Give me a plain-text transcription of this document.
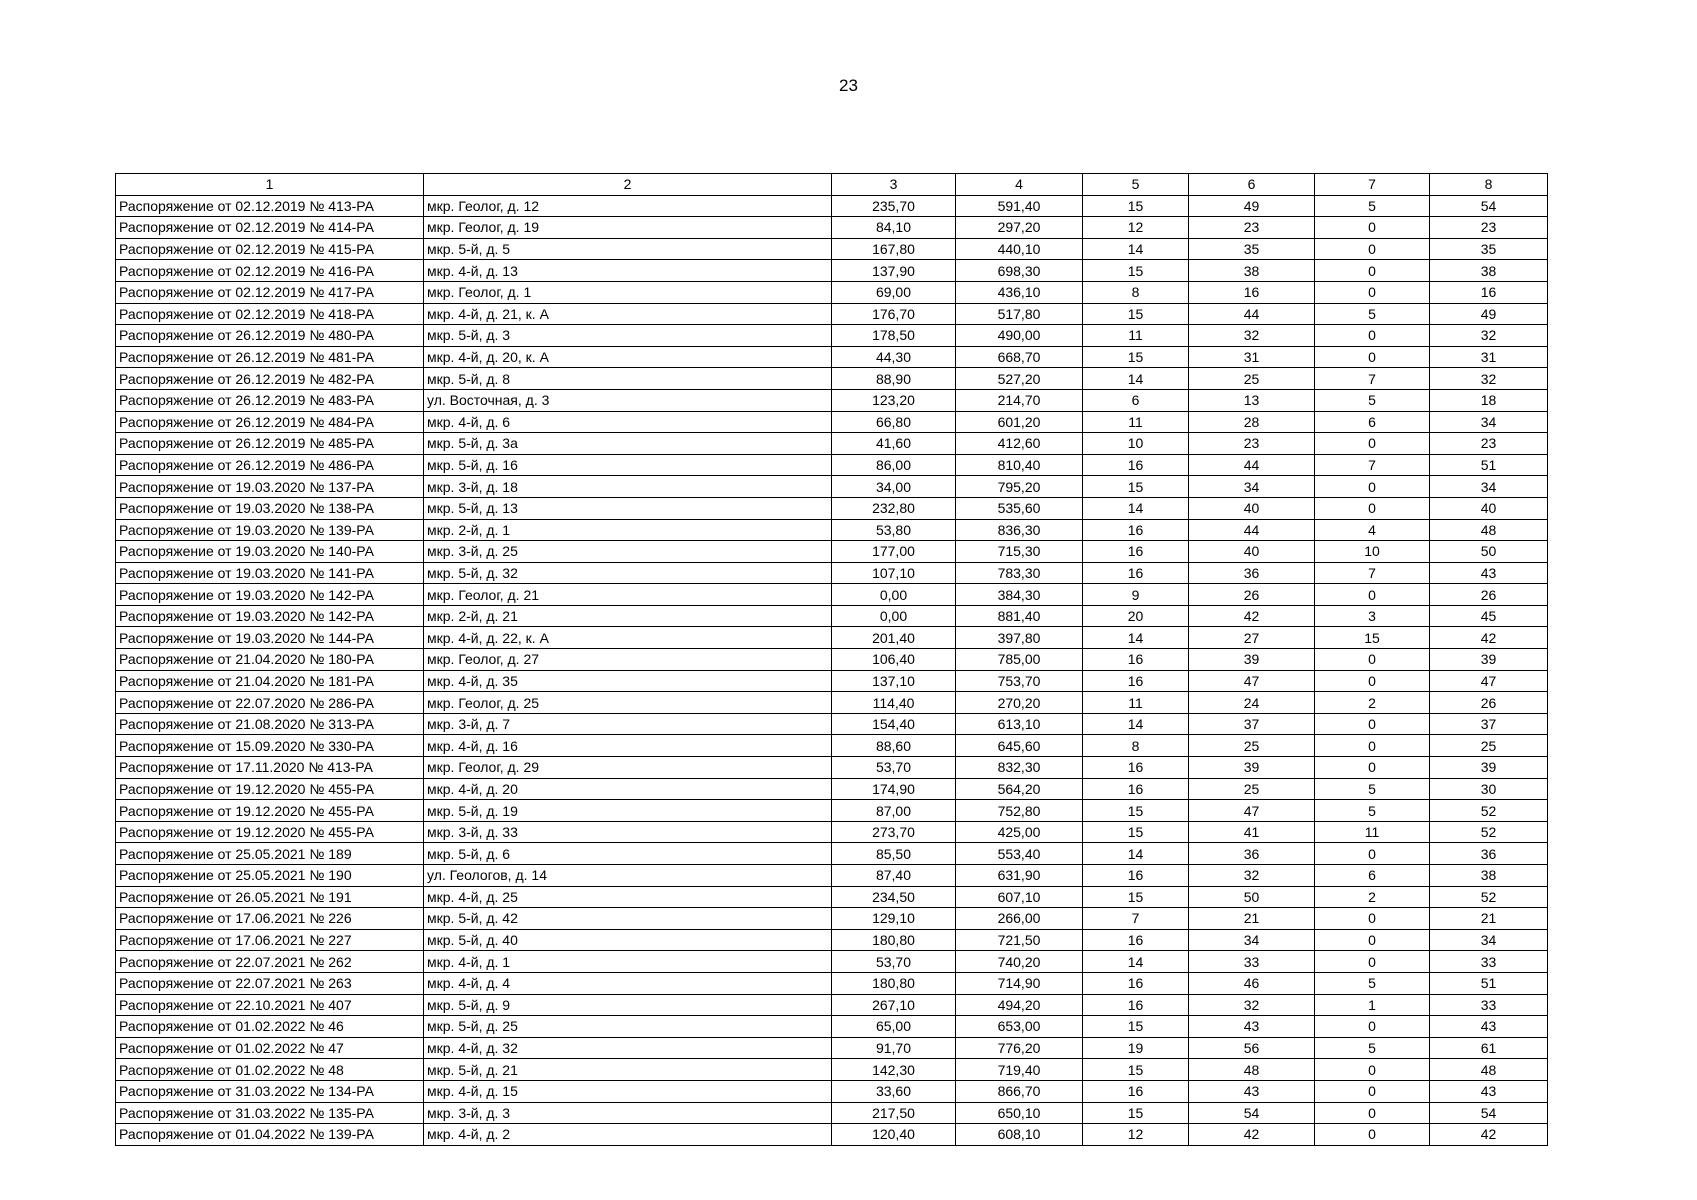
23
1	2	3	4	5	6	7	8
Распоряжение от 02.12.2019 № 413-РА	мкр. Геолог, д. 12	235,70	591,40	15	49	5	54
Распоряжение от 02.12.2019 № 414-РА	мкр. Геолог, д. 19	84,10	297,20	12	23	0	23
Распоряжение от 02.12.2019 № 415-РА	мкр. 5-й, д. 5	167,80	440,10	14	35	0	35
Распоряжение от 02.12.2019 № 416-РА	мкр. 4-й, д. 13	137,90	698,30	15	38	0	38
Распоряжение от 02.12.2019 № 417-РА	мкр. Геолог, д. 1	69,00	436,10	8	16	0	16
Распоряжение от 02.12.2019 № 418-РА	мкр. 4-й, д. 21, к. А	176,70	517,80	15	44	5	49
Распоряжение от 26.12.2019 № 480-РА	мкр. 5-й, д. 3	178,50	490,00	11	32	0	32
Распоряжение от 26.12.2019 № 481-РА	мкр. 4-й, д. 20, к. А	44,30	668,70	15	31	0	31
Распоряжение от 26.12.2019 № 482-РА	мкр. 5-й, д. 8	88,90	527,20	14	25	7	32
Распоряжение от 26.12.2019 № 483-РА	ул. Восточная, д. 3	123,20	214,70	6	13	5	18
Распоряжение от 26.12.2019 № 484-РА	мкр. 4-й, д. 6	66,80	601,20	11	28	6	34
Распоряжение от 26.12.2019 № 485-РА	мкр. 5-й, д. 3а	41,60	412,60	10	23	0	23
Распоряжение от 26.12.2019 № 486-РА	мкр. 5-й, д. 16	86,00	810,40	16	44	7	51
Распоряжение от 19.03.2020 № 137-РА	мкр. 3-й, д. 18	34,00	795,20	15	34	0	34
Распоряжение от 19.03.2020 № 138-РА	мкр. 5-й, д. 13	232,80	535,60	14	40	0	40
Распоряжение от 19.03.2020 № 139-РА	мкр. 2-й, д. 1	53,80	836,30	16	44	4	48
Распоряжение от 19.03.2020 № 140-РА	мкр. 3-й, д. 25	177,00	715,30	16	40	10	50
Распоряжение от 19.03.2020 № 141-РА	мкр. 5-й, д. 32	107,10	783,30	16	36	7	43
Распоряжение от 19.03.2020 № 142-РА	мкр. Геолог, д. 21	0,00	384,30	9	26	0	26
Распоряжение от 19.03.2020 № 142-РА	мкр. 2-й, д. 21	0,00	881,40	20	42	3	45
Распоряжение от 19.03.2020 № 144-РА	мкр. 4-й, д. 22, к. А	201,40	397,80	14	27	15	42
Распоряжение от 21.04.2020 № 180-РА	мкр. Геолог, д. 27	106,40	785,00	16	39	0	39
Распоряжение от 21.04.2020 № 181-РА	мкр. 4-й, д. 35	137,10	753,70	16	47	0	47
Распоряжение от 22.07.2020 № 286-РА	мкр. Геолог, д. 25	114,40	270,20	11	24	2	26
Распоряжение от 21.08.2020 № 313-РА	мкр. 3-й, д. 7	154,40	613,10	14	37	0	37
Распоряжение от 15.09.2020 № 330-РА	мкр. 4-й, д. 16	88,60	645,60	8	25	0	25
Распоряжение от 17.11.2020 № 413-РА	мкр. Геолог, д. 29	53,70	832,30	16	39	0	39
Распоряжение от 19.12.2020 № 455-РА	мкр. 4-й, д. 20	174,90	564,20	16	25	5	30
Распоряжение от 19.12.2020 № 455-РА	мкр. 5-й, д. 19	87,00	752,80	15	47	5	52
Распоряжение от 19.12.2020 № 455-РА	мкр. 3-й, д. 33	273,70	425,00	15	41	11	52
Распоряжение от 25.05.2021 № 189	мкр. 5-й, д. 6	85,50	553,40	14	36	0	36
Распоряжение от 25.05.2021 № 190	ул. Геологов, д. 14	87,40	631,90	16	32	6	38
Распоряжение от 26.05.2021 № 191	мкр. 4-й, д. 25	234,50	607,10	15	50	2	52
Распоряжение от 17.06.2021 № 226	мкр. 5-й, д. 42	129,10	266,00	7	21	0	21
Распоряжение от 17.06.2021 № 227	мкр. 5-й, д. 40	180,80	721,50	16	34	0	34
Распоряжение от 22.07.2021 № 262	мкр. 4-й, д. 1	53,70	740,20	14	33	0	33
Распоряжение от 22.07.2021 № 263	мкр. 4-й, д. 4	180,80	714,90	16	46	5	51
Распоряжение от 22.10.2021 № 407	мкр. 5-й, д. 9	267,10	494,20	16	32	1	33
Распоряжение от 01.02.2022 № 46	мкр. 5-й, д. 25	65,00	653,00	15	43	0	43
Распоряжение от 01.02.2022 № 47	мкр. 4-й, д. 32	91,70	776,20	19	56	5	61
Распоряжение от 01.02.2022 № 48	мкр. 5-й, д. 21	142,30	719,40	15	48	0	48
Распоряжение от 31.03.2022 № 134-РА	мкр. 4-й, д. 15	33,60	866,70	16	43	0	43
Распоряжение от 31.03.2022 № 135-РА	мкр. 3-й, д. 3	217,50	650,10	15	54	0	54
Распоряжение от 01.04.2022 № 139-РА	мкр. 4-й, д. 2	120,40	608,10	12	42	0	42
